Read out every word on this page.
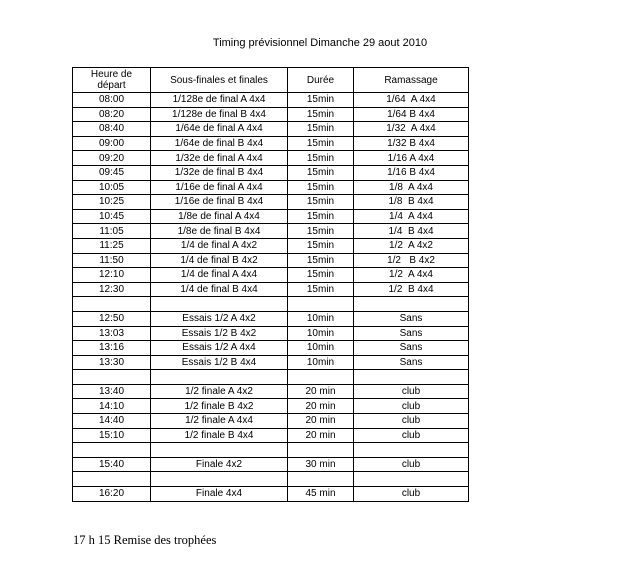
Timing prévisionnel Dimanche 29 aout 2010
Heure de départ	Sous-finales et finales	Durée	Ramassage
08:00	1/128e de final A 4x4	15min	1/64  A 4x4
08:20	1/128e de final B 4x4	15min	1/64 B 4x4
08:40	1/64e de final A 4x4	15min	1/32  A 4x4
09:00	1/64e de final B 4x4	15min	1/32 B 4x4
09:20	1/32e de final A 4x4	15min	1/16 A 4x4
09:45	1/32e de final B 4x4	15min	1/16 B 4x4
10:05	1/16e de final A 4x4	15min	1/8  A 4x4
10:25	1/16e de final B 4x4	15min	1/8  B 4x4
10:45	1/8e de final A 4x4	15min	1/4  A 4x4
11:05	1/8e de final B 4x4	15min	1/4  B 4x4
11:25	1/4 de final A 4x2	15min	1/2  A 4x2
11:50	1/4 de final B 4x2	15min	1/2   B 4x2
12:10	1/4 de final A 4x4	15min	1/2  A 4x4
12:30	1/4 de final B 4x4	15min	1/2  B 4x4

12:50	Essais 1/2 A 4x2	10min	Sans
13:03	Essais 1/2 B 4x2	10min	Sans
13:16	Essais 1/2 A 4x4	10min	Sans
13:30	Essais 1/2 B 4x4	10min	Sans

13:40	1/2 finale A 4x2	20 min	club
14:10	1/2 finale B 4x2	20 min	club
14:40	1/2 finale A 4x4	20 min	club
15:10	1/2 finale B 4x4	20 min	club

15:40	Finale 4x2	30 min	club

16:20	Finale 4x4	45 min	club
17 h 15 Remise des trophées
